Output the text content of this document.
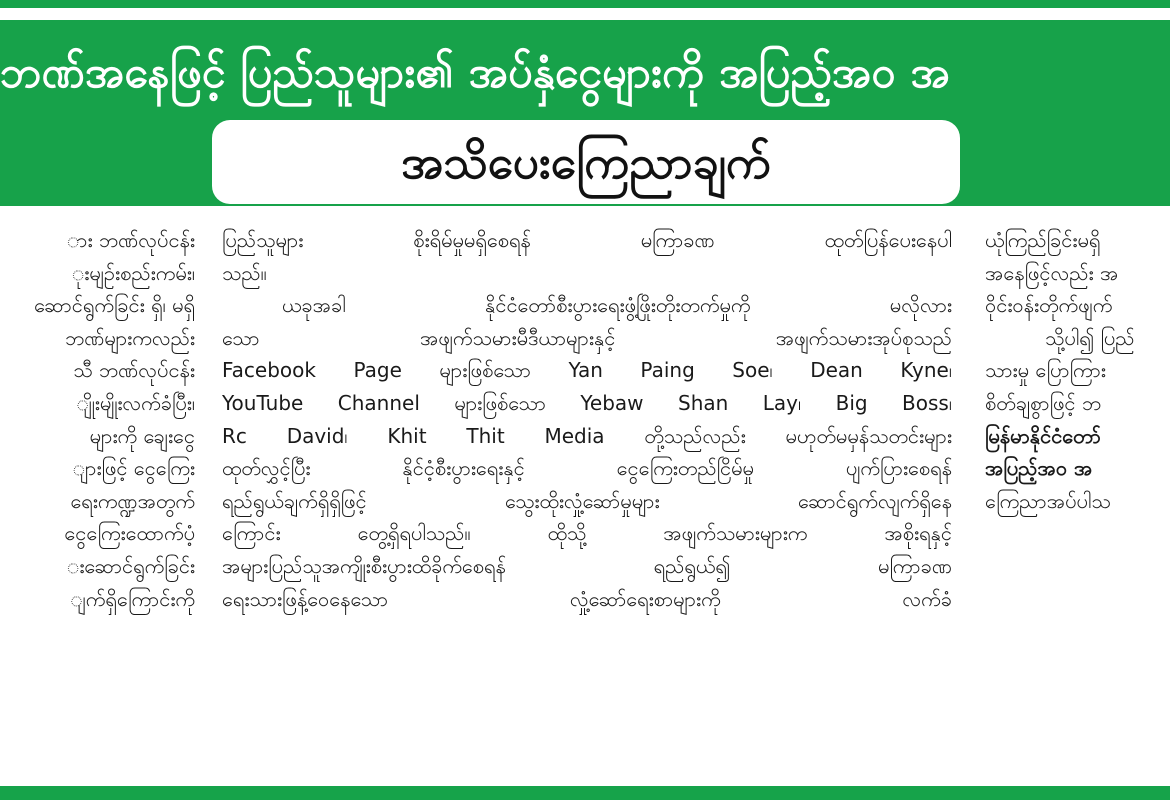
ဘဏ်အနေဖြင့် ပြည်သူများ၏ အပ်နှံငွေများကို အပြည့်အဝ အ
အသိပေးကြေညာချက်

ား ဘဏ်လုပ်ငန်း

ုးမျဉ်းစည်းကမ်း၊

ဆောင်ရွက်ခြင်း ရှိ၊ မရှိ

ဘဏ်များကလည်း

သီ ဘဏ်လုပ်ငန်း

ျိုးမျိုးလက်ခံပြီး၊

များကို ချေးငွေ

ျားဖြင့် ငွေကြေး

ရေးကဏ္ဍအတွက်

ငွေကြေးထောက်ပံ့

းဆောင်ရွက်ခြင်း

ျက်ရှိကြောင်းကို

ပြည်သူများ စိုးရိမ်မှုမရှိစေရန် မကြာခဏ ထုတ်ပြန်ပေးနေပါ

သည်။

ယခုအခါ နိုင်ငံတော်စီးပွားရေးဖွံ့ဖြိုးတိုးတက်မှုကို မလိုလား

သော အဖျက်သမားမီဒီယာများနှင့် အဖျက်သမားအုပ်စုသည်

Facebook Page များဖြစ်သော Yan Paing Soe၊ Dean Kyne၊

YouTube Channel များဖြစ်သော Yebaw Shan Lay၊ Big Boss၊

Rc David၊ Khit Thit Media တို့သည်လည်း မဟုတ်မမှန်သတင်းများ

ထုတ်လွှင့်ပြီး နိုင်ငံ့စီးပွားရေးနှင့် ငွေကြေးတည်ငြိမ်မှု ပျက်ပြားစေရန်

ရည်ရွယ်ချက်ရှိရှိဖြင့် သွေးထိုးလှုံ့ဆော်မှုများ ဆောင်ရွက်လျက်ရှိနေ

ကြောင်း တွေ့ရှိရပါသည်။ ထိုသို့ အဖျက်သမားများက အစိုးရနှင့်

အများပြည်သူအကျိုးစီးပွားထိခိုက်စေရန် ရည်ရွယ်၍ မကြာခဏ

ရေးသားဖြန့်ဝေနေသော လှုံ့ဆော်ရေးစာများကို လက်ခံ

ယုံကြည်ခြင်းမရှိ

အနေဖြင့်လည်း အ

ဝိုင်းဝန်းတိုက်ဖျက်

သို့ပါ၍ ပြည်

သားမှု ပြောကြား

စိတ်ချစွာဖြင့် ဘ

မြန်မာနိုင်ငံတော်

အပြည့်အဝ အ

ကြေညာအပ်ပါသ
